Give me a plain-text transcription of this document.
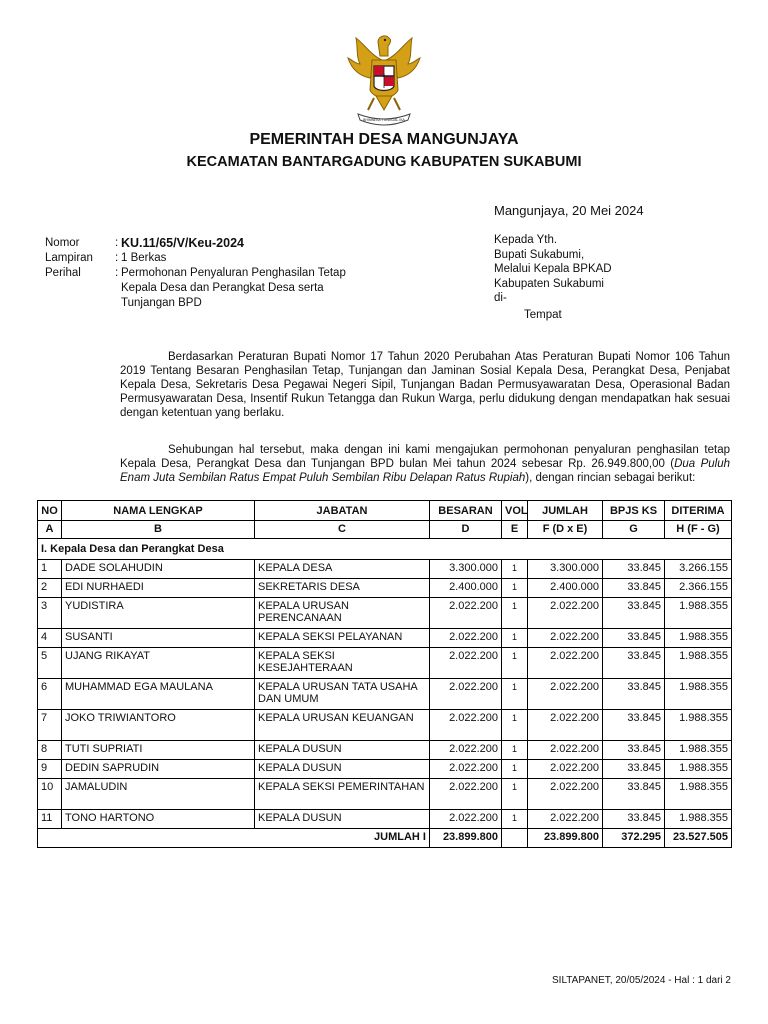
BHINNEKA TUNGGAL IKA
PEMERINTAH DESA MANGUNJAYA
KECAMATAN BANTARGADUNG KABUPATEN SUKABUMI
Mangunjaya, 20 Mei 2024
Nomor	: KU.11/65/V/Keu-2024
Lampiran	: 1 Berkas
Perihal	: Permohonan Penyaluran Penghasilan Tetap Kepala Desa dan Perangkat Desa serta Tunjangan BPD
Kepada Yth.
Bupati Sukabumi,
Melalui Kepala BPKAD
Kabupaten Sukabumi
di-
Tempat
Berdasarkan Peraturan Bupati Nomor 17 Tahun 2020 Perubahan Atas Peraturan Bupati Nomor 106 Tahun 2019 Tentang Besaran Penghasilan Tetap, Tunjangan dan Jaminan Sosial Kepala Desa, Perangkat Desa, Penjabat Kepala Desa, Sekretaris Desa Pegawai Negeri Sipil, Tunjangan Badan Permusyawaratan Desa, Operasional Badan Permusyawaratan Desa, Insentif Rukun Tetangga dan Rukun Warga, perlu didukung dengan mendapatkan hak sesuai dengan ketentuan yang berlaku.
Sehubungan hal tersebut, maka dengan ini kami mengajukan permohonan penyaluran penghasilan tetap Kepala Desa, Perangkat Desa dan Tunjangan BPD bulan Mei tahun 2024 sebesar Rp. 26.949.800,00 (Dua Puluh Enam Juta Sembilan Ratus Empat Puluh Sembilan Ribu Delapan Ratus Rupiah), dengan rincian sebagai berikut:
NO	NAMA LENGKAP	JABATAN	BESARAN	VOL	JUMLAH	BPJS KS	DITERIMA
A	B	C	D	E	F (D x E)	G	H (F - G)
I. Kepala Desa dan Perangkat Desa							
1	DADE SOLAHUDIN	KEPALA DESA	3.300.000	1	3.300.000	33.845	3.266.155
2	EDI NURHAEDI	SEKRETARIS DESA	2.400.000	1	2.400.000	33.845	2.366.155
3	YUDISTIRA	KEPALA URUSAN PERENCANAAN	2.022.200	1	2.022.200	33.845	1.988.355
4	SUSANTI	KEPALA SEKSI PELAYANAN	2.022.200	1	2.022.200	33.845	1.988.355
5	UJANG RIKAYAT	KEPALA SEKSI KESEJAHTERAAN	2.022.200	1	2.022.200	33.845	1.988.355
6	MUHAMMAD EGA MAULANA	KEPALA URUSAN TATA USAHA DAN UMUM	2.022.200	1	2.022.200	33.845	1.988.355
7	JOKO TRIWIANTORO	KEPALA URUSAN KEUANGAN	2.022.200	1	2.022.200	33.845	1.988.355
8	TUTI SUPRIATI	KEPALA DUSUN	2.022.200	1	2.022.200	33.845	1.988.355
9	DEDIN SAPRUDIN	KEPALA DUSUN	2.022.200	1	2.022.200	33.845	1.988.355
10	JAMALUDIN	KEPALA SEKSI PEMERINTAHAN	2.022.200	1	2.022.200	33.845	1.988.355
11	TONO HARTONO	KEPALA DUSUN	2.022.200	1	2.022.200	33.845	1.988.355
JUMLAH I			23.899.800		23.899.800	372.295	23.527.505
SILTAPANET, 20/05/2024 - Hal : 1 dari 2
